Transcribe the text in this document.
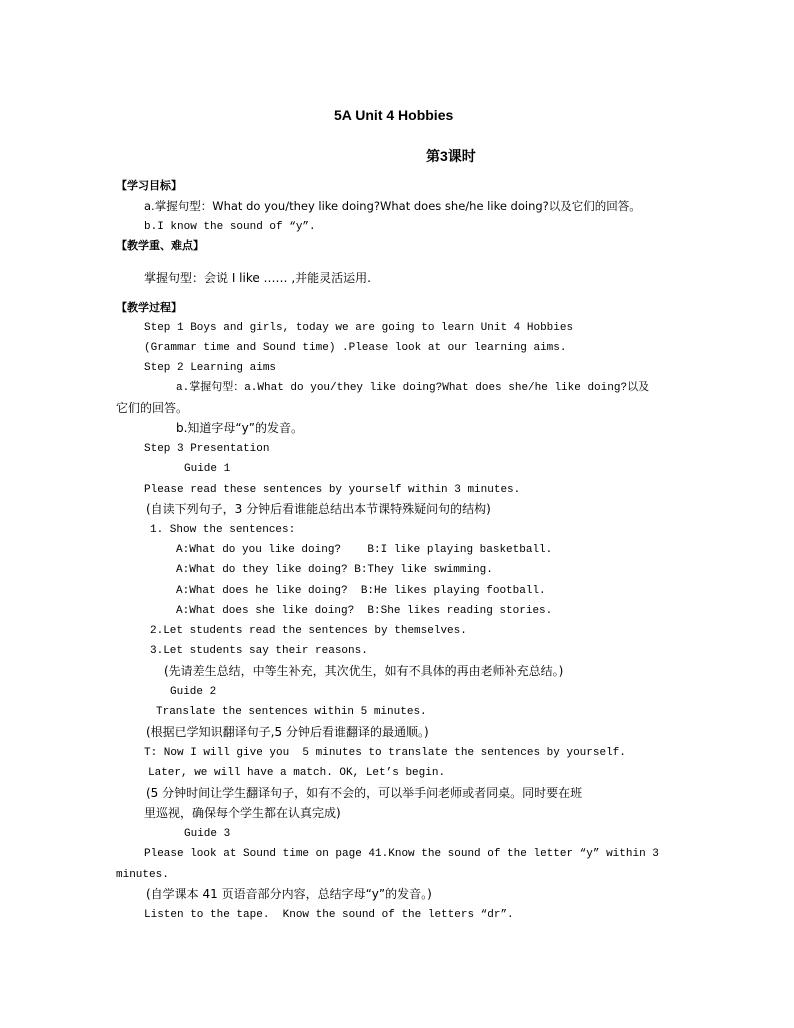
5A Unit 4 Hobbies
第3课时
【学习目标】
a.掌握句型：What do you/they like doing?What does she/he like doing?以及它们的回答。
b.I know the sound of “y”.
【教学重、难点】
掌握句型：会说 I like …… ,并能灵活运用.
【教学过程】
Step 1 Boys and girls, today we are going to learn Unit 4 Hobbies
(Grammar time and Sound time) .Please look at our learning aims.
Step 2 Learning aims
a.掌握句型：a.What do you/they like doing?What does she/he like doing?以及
它们的回答。
b.知道字母“y”的发音。
Step 3 Presentation
Guide 1
Please read these sentences by yourself within 3 minutes.
(自读下列句子，3 分钟后看谁能总结出本节课特殊疑问句的结构)
1. Show the sentences:
A:What do you like doing?    B:I like playing basketball.
A:What do they like doing? B:They like swimming.
A:What does he like doing?  B:He likes playing football.
A:What does she like doing?  B:She likes reading stories.
2.Let students read the sentences by themselves.
3.Let students say their reasons.
(先请差生总结，中等生补充，其次优生，如有不具体的再由老师补充总结。)
Guide 2
Translate the sentences within 5 minutes.
(根据已学知识翻译句子,5 分钟后看谁翻译的最通顺。)
T: Now I will give you  5 minutes to translate the sentences by yourself.
Later, we will have a match. OK, Let’s begin.
(5 分钟时间让学生翻译句子，如有不会的，可以举手问老师或者同桌。同时要在班
里巡视，确保每个学生都在认真完成)
Guide 3
Please look at Sound time on page 41.Know the sound of the letter “y” within 3
minutes.
(自学课本 41 页语音部分内容，总结字母“y”的发音。)
Listen to the tape.  Know the sound of the letters “dr”.
